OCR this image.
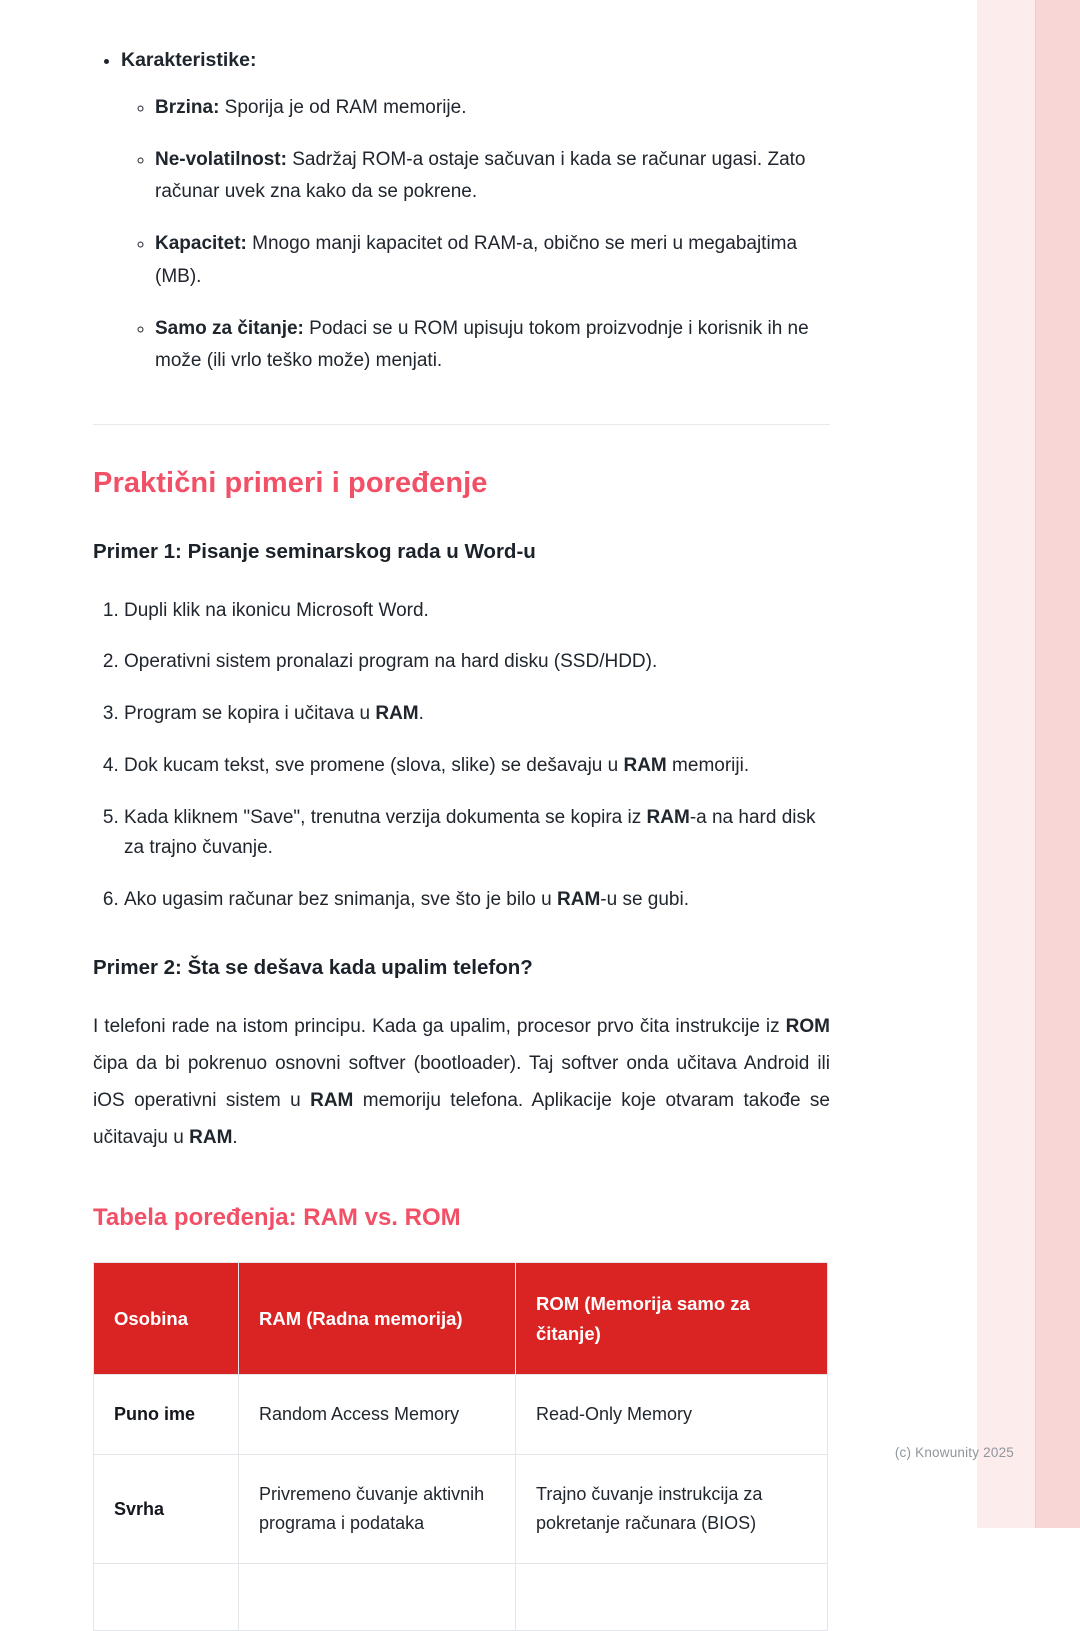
• Karakteristike:
◦ Brzina: Sporija je od RAM memorije.
◦ Ne-volatilnost: Sadržaj ROM-a ostaje sačuvan i kada se računar ugasi. Zato računar uvek zna kako da se pokrene.
◦ Kapacitet: Mnogo manji kapacitet od RAM-a, obično se meri u megabajtima (MB).
◦ Samo za čitanje: Podaci se u ROM upisuju tokom proizvodnje i korisnik ih ne može (ili vrlo teško može) menjati.
Praktični primeri i poređenje
Primer 1: Pisanje seminarskog rada u Word-u
1. Dupli klik na ikonicu Microsoft Word.
2. Operativni sistem pronalazi program na hard disku (SSD/HDD).
3. Program se kopira i učitava u RAM.
4. Dok kucam tekst, sve promene (slova, slike) se dešavaju u RAM memoriji.
5. Kada kliknem "Save", trenutna verzija dokumenta se kopira iz RAM-a na hard disk za trajno čuvanje.
6. Ako ugasim računar bez snimanja, sve što je bilo u RAM-u se gubi.
Primer 2: Šta se dešava kada upalim telefon?

I telefoni rade na istom principu. Kada ga upalim, procesor prvo čita instrukcije iz ROM čipa da bi pokrenuo osnovni softver (bootloader). Taj softver onda učitava Android ili iOS operativni sistem u RAM memoriju telefona. Aplikacije koje otvaram takođe se učitavaju u RAM.

Tabela poređenja: RAM vs. ROM
Osobina	RAM (Radna memorija)	ROM (Memorija samo za čitanje)
Puno ime	Random Access Memory	Read-Only Memory
Svrha	Privremeno čuvanje aktivnih programa i podataka	Trajno čuvanje instrukcija za pokretanje računara (BIOS)

(c) Knowunity 2025
